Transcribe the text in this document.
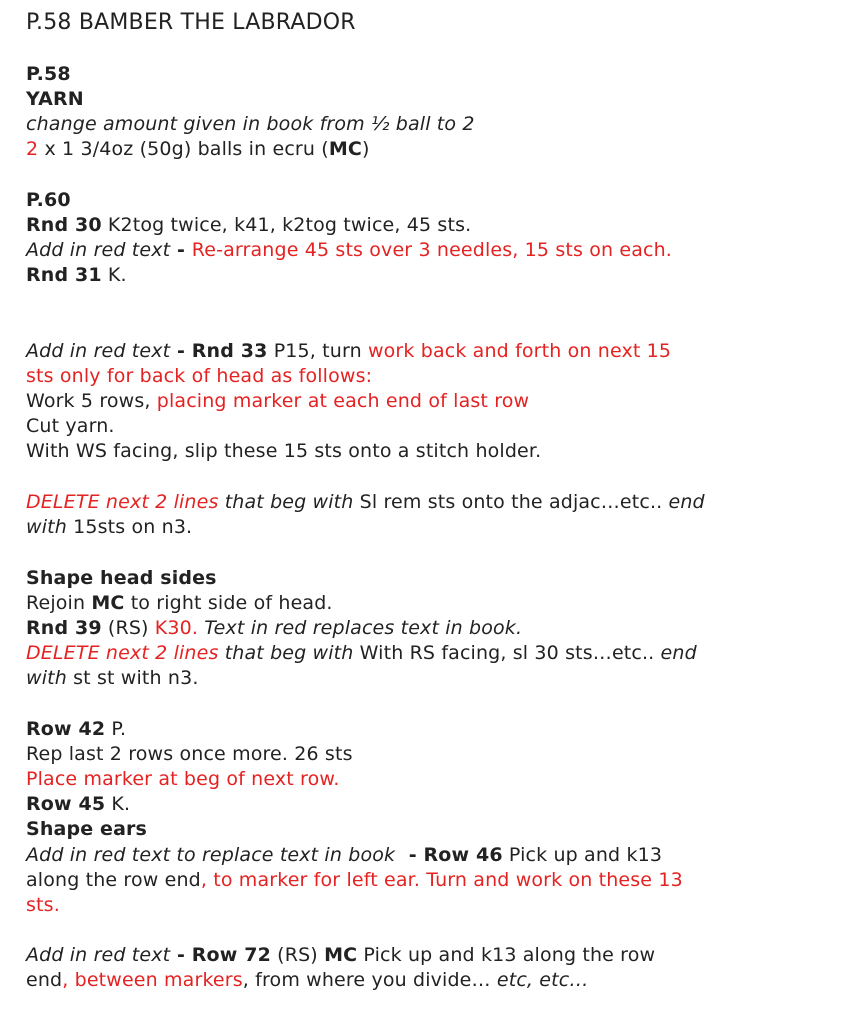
P.58 BAMBER THE LABRADOR
P.58
YARN
change amount given in book from ½ ball to 2
2 x 1 3/4oz (50g) balls in ecru (MC)
P.60
Rnd 30 K2tog twice, k41, k2tog twice, 45 sts.
Add in red text - Re-arrange 45 sts over 3 needles, 15 sts on each.
Rnd 31 K.
Add in red text - Rnd 33 P15, turn work back and forth on next 15
sts only for back of head as follows:
Work 5 rows, placing marker at each end of last row
Cut yarn.
With WS facing, slip these 15 sts onto a stitch holder.
DELETE next 2 lines that beg with Sl rem sts onto the adjac…etc.. end
with 15sts on n3.
Shape head sides
Rejoin MC to right side of head.
Rnd 39 (RS) K30. Text in red replaces text in book.
DELETE next 2 lines that beg with With RS facing, sl 30 sts…etc.. end
with st st with n3.
Row 42 P.
Rep last 2 rows once more. 26 sts
Place marker at beg of next row.
Row 45 K.
Shape ears
Add in red text to replace text in book  - Row 46 Pick up and k13
along the row end, to marker for left ear. Turn and work on these 13
sts.
Add in red text - Row 72 (RS) MC Pick up and k13 along the row
end, between markers, from where you divide… etc, etc…
